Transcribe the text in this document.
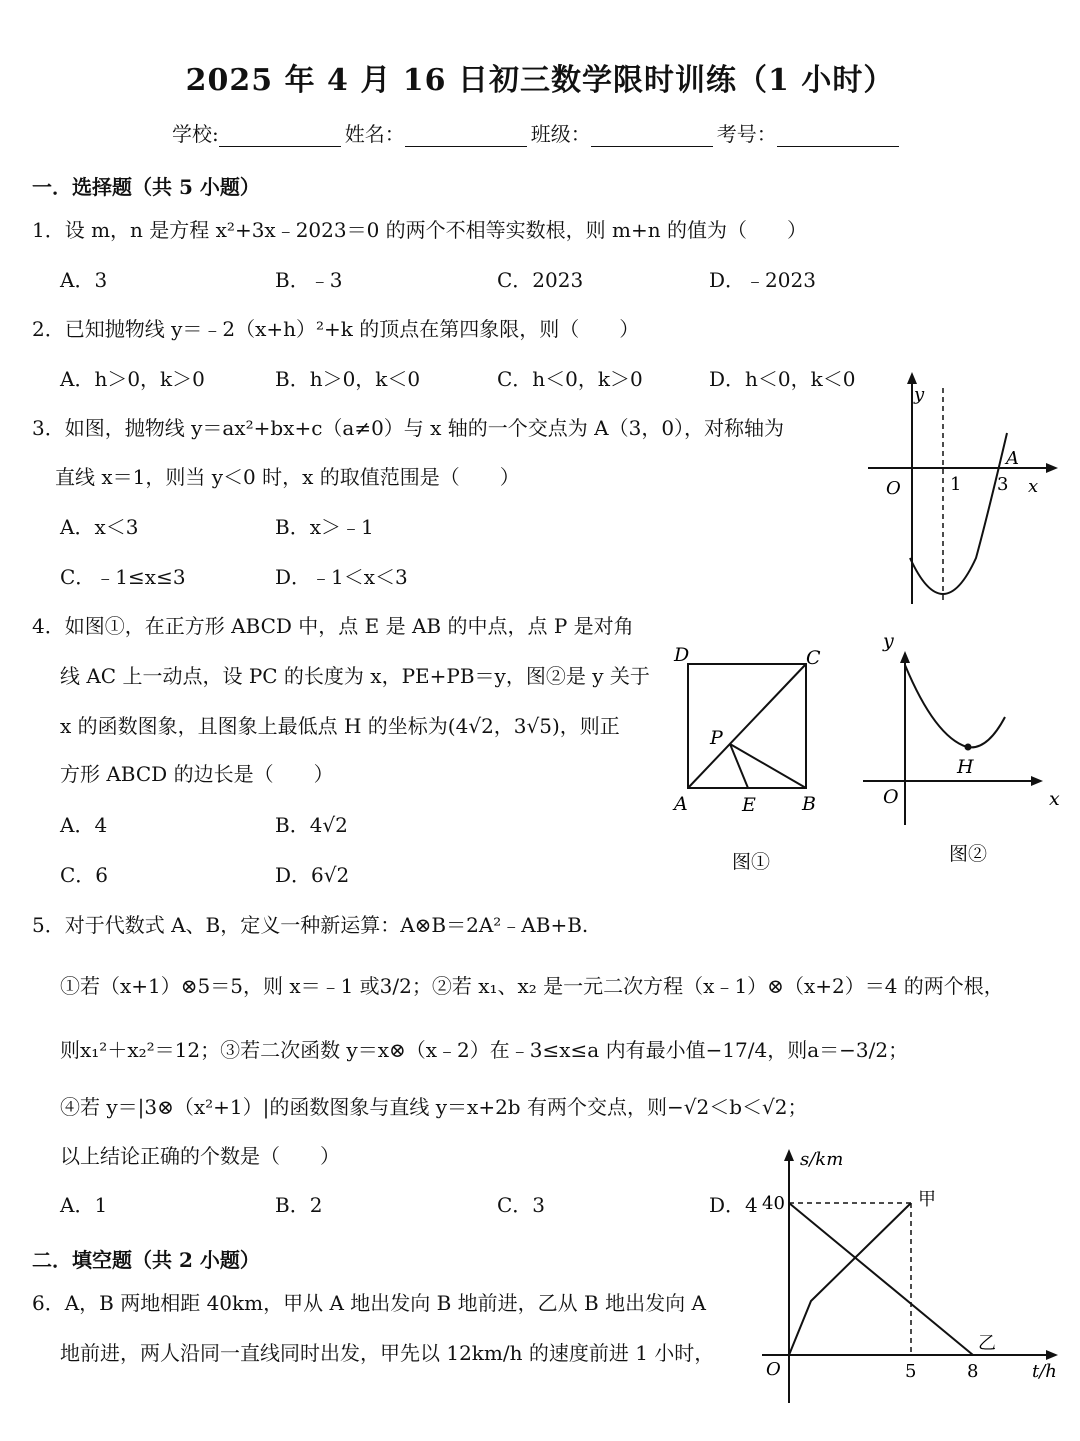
2025 年 4 月 16 日初三数学限时训练（1 小时）
学校:	姓名：	班级：	考号：
一．选择题（共 5 小题）
1．设 m，n 是方程 x²+3x﹣2023＝0 的两个不相等实数根，则 m+n 的值为（　　）
A．3	B．﹣3	C．2023	D．﹣2023
2．已知抛物线 y＝﹣2（x+h）²+k 的顶点在第四象限，则（　　）
A．h＞0，k＞0	B．h＞0，k＜0	C．h＜0，k＞0	D．h＜0，k＜0
3．如图，抛物线 y＝ax²+bx+c（a≠0）与 x 轴的一个交点为 A（3，0），对称轴为
直线 x＝1，则当 y＜0 时，x 的取值范围是（　　）
A．x＜3	B．x＞﹣1
C．﹣1≤x≤3	D．﹣1＜x＜3
y
x
O	1 3
A
4．如图①，在正方形 ABCD 中，点 E 是 AB 的中点，点 P 是对角
线 AC 上一动点，设 PC 的长度为 x，PE+PB＝y，图②是 y 关于
x 的函数图象，且图象上最低点 H 的坐标为(4√2，3√5)，则正
方形 ABCD 的边长是（　　）
A．4	B．4√2
C．6	D．6√2
D	C
A	B
E
P
图①
y
x
O
H
图②
5．对于代数式 A、B，定义一种新运算：A⊗B＝2A²﹣AB+B.
①若（x+1）⊗5＝5，则 x＝﹣1 或3/2；②若 x₁、x₂ 是一元二次方程（x﹣1）⊗（x+2）＝4 的两个根，
则x₁²＋x₂²＝12；③若二次函数 y＝x⊗（x﹣2）在﹣3≤x≤a 内有最小值−17/4，则a＝−3/2；
④若 y＝|3⊗（x²+1）|的函数图象与直线 y＝x+2b 有两个交点，则−√2＜b＜√2；
以上结论正确的个数是（　　）
A．1	B．2	C．3	D．4
二．填空题（共 2 小题）
6．A，B 两地相距 40km，甲从 A 地出发向 B 地前进，乙从 B 地出发向 A
地前进，两人沿同一直线同时出发，甲先以 12km/h 的速度前进 1 小时，
s/km
t/h
O
40
5	8
甲
乙
